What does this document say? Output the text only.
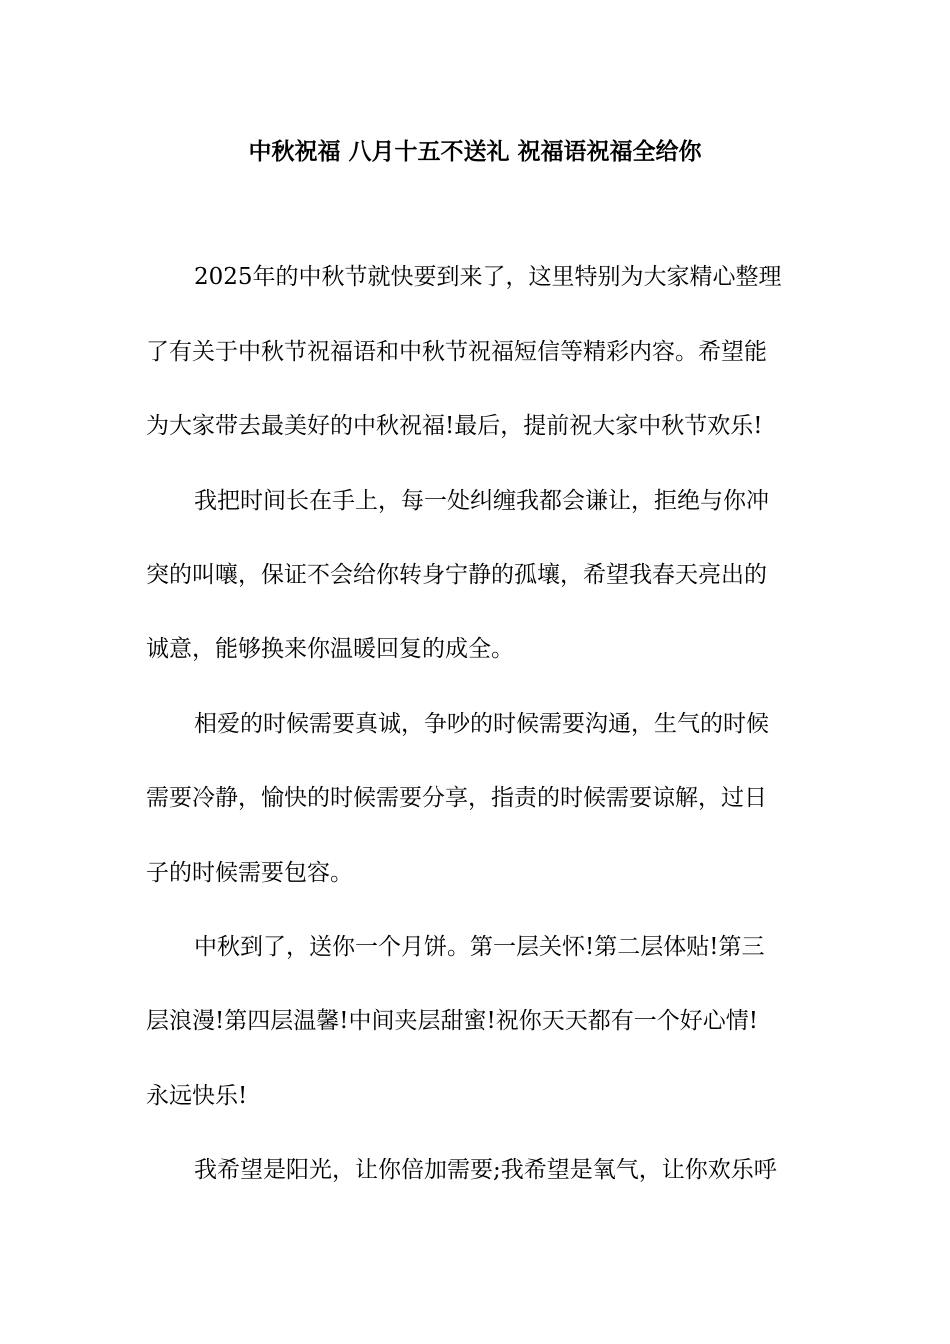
中秋祝福 八月十五不送礼 祝福语祝福全给你
2025年的中秋节就快要到来了，这里特别为大家精心整理
了有关于中秋节祝福语和中秋节祝福短信等精彩内容。希望能
为大家带去最美好的中秋祝福!最后，提前祝大家中秋节欢乐!
我把时间长在手上，每一处纠缠我都会谦让，拒绝与你冲
突的叫嚷，保证不会给你转身宁静的孤壤，希望我春天亮出的
诚意，能够换来你温暖回复的成全。
相爱的时候需要真诚，争吵的时候需要沟通，生气的时候
需要冷静，愉快的时候需要分享，指责的时候需要谅解，过日
子的时候需要包容。
中秋到了，送你一个月饼。第一层关怀!第二层体贴!第三
层浪漫!第四层温馨!中间夹层甜蜜!祝你天天都有一个好心情!
永远快乐!
我希望是阳光，让你倍加需要;我希望是氧气，让你欢乐呼
